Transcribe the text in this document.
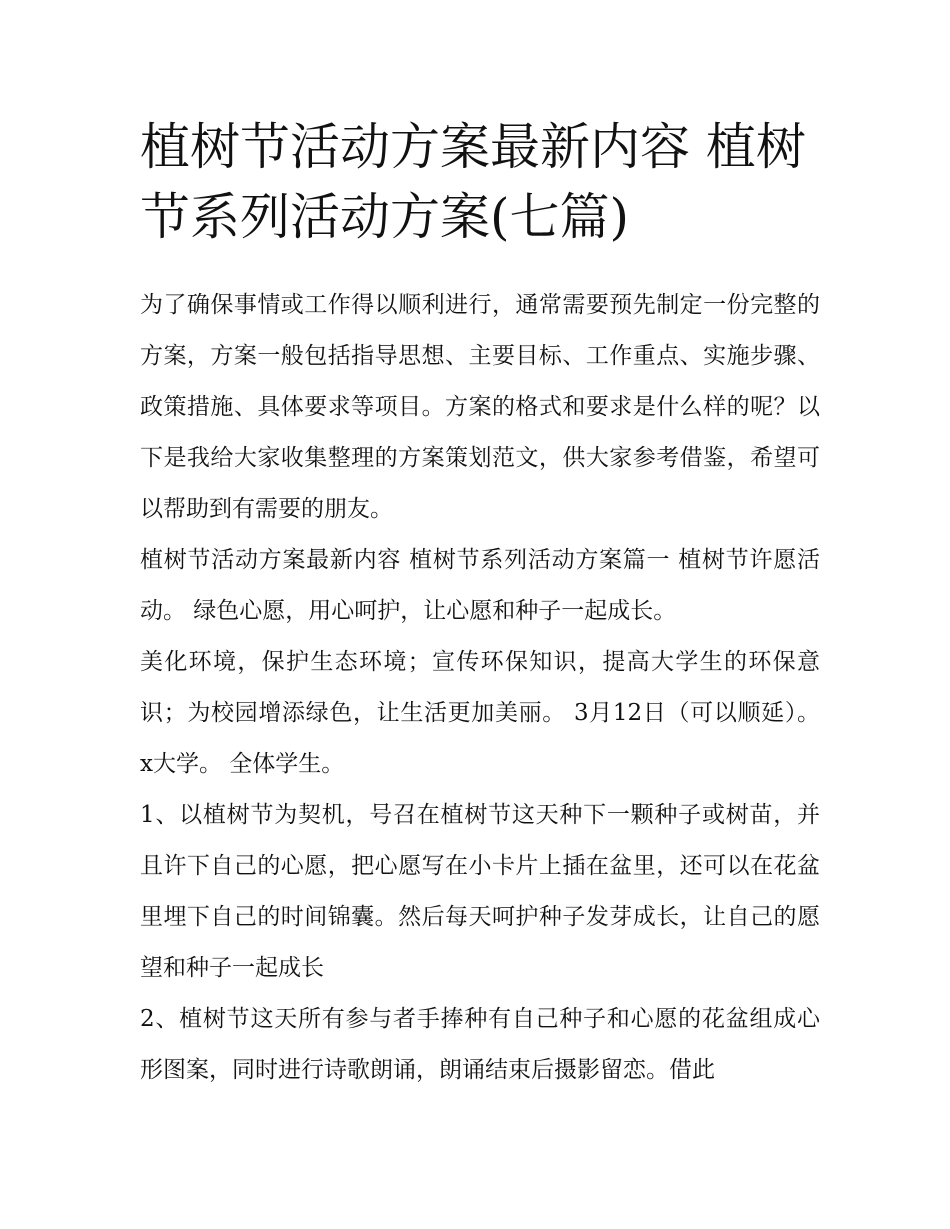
植树节活动方案最新内容 植树节系列活动方案(七篇)

为了确保事情或工作得以顺利进行，通常需要预先制定一份完整的方案，方案一般包括指导思想、主要目标、工作重点、实施步骤、政策措施、具体要求等项目。方案的格式和要求是什么样的呢？以下是我给大家收集整理的方案策划范文，供大家参考借鉴，希望可以帮助到有需要的朋友。

植树节活动方案最新内容 植树节系列活动方案篇一 植树节许愿活动。 绿色心愿，用心呵护，让心愿和种子一起成长。

美化环境，保护生态环境；宣传环保知识，提高大学生的环保意识；为校园增添绿色，让生活更加美丽。 3月12日（可以顺延）。 x大学。 全体学生。

1、以植树节为契机，号召在植树节这天种下一颗种子或树苗，并且许下自己的心愿，把心愿写在小卡片上插在盆里，还可以在花盆里埋下自己的时间锦囊。然后每天呵护种子发芽成长，让自己的愿望和种子一起成长

2、植树节这天所有参与者手捧种有自己种子和心愿的花盆组成心形图案，同时进行诗歌朗诵，朗诵结束后摄影留恋。借此
